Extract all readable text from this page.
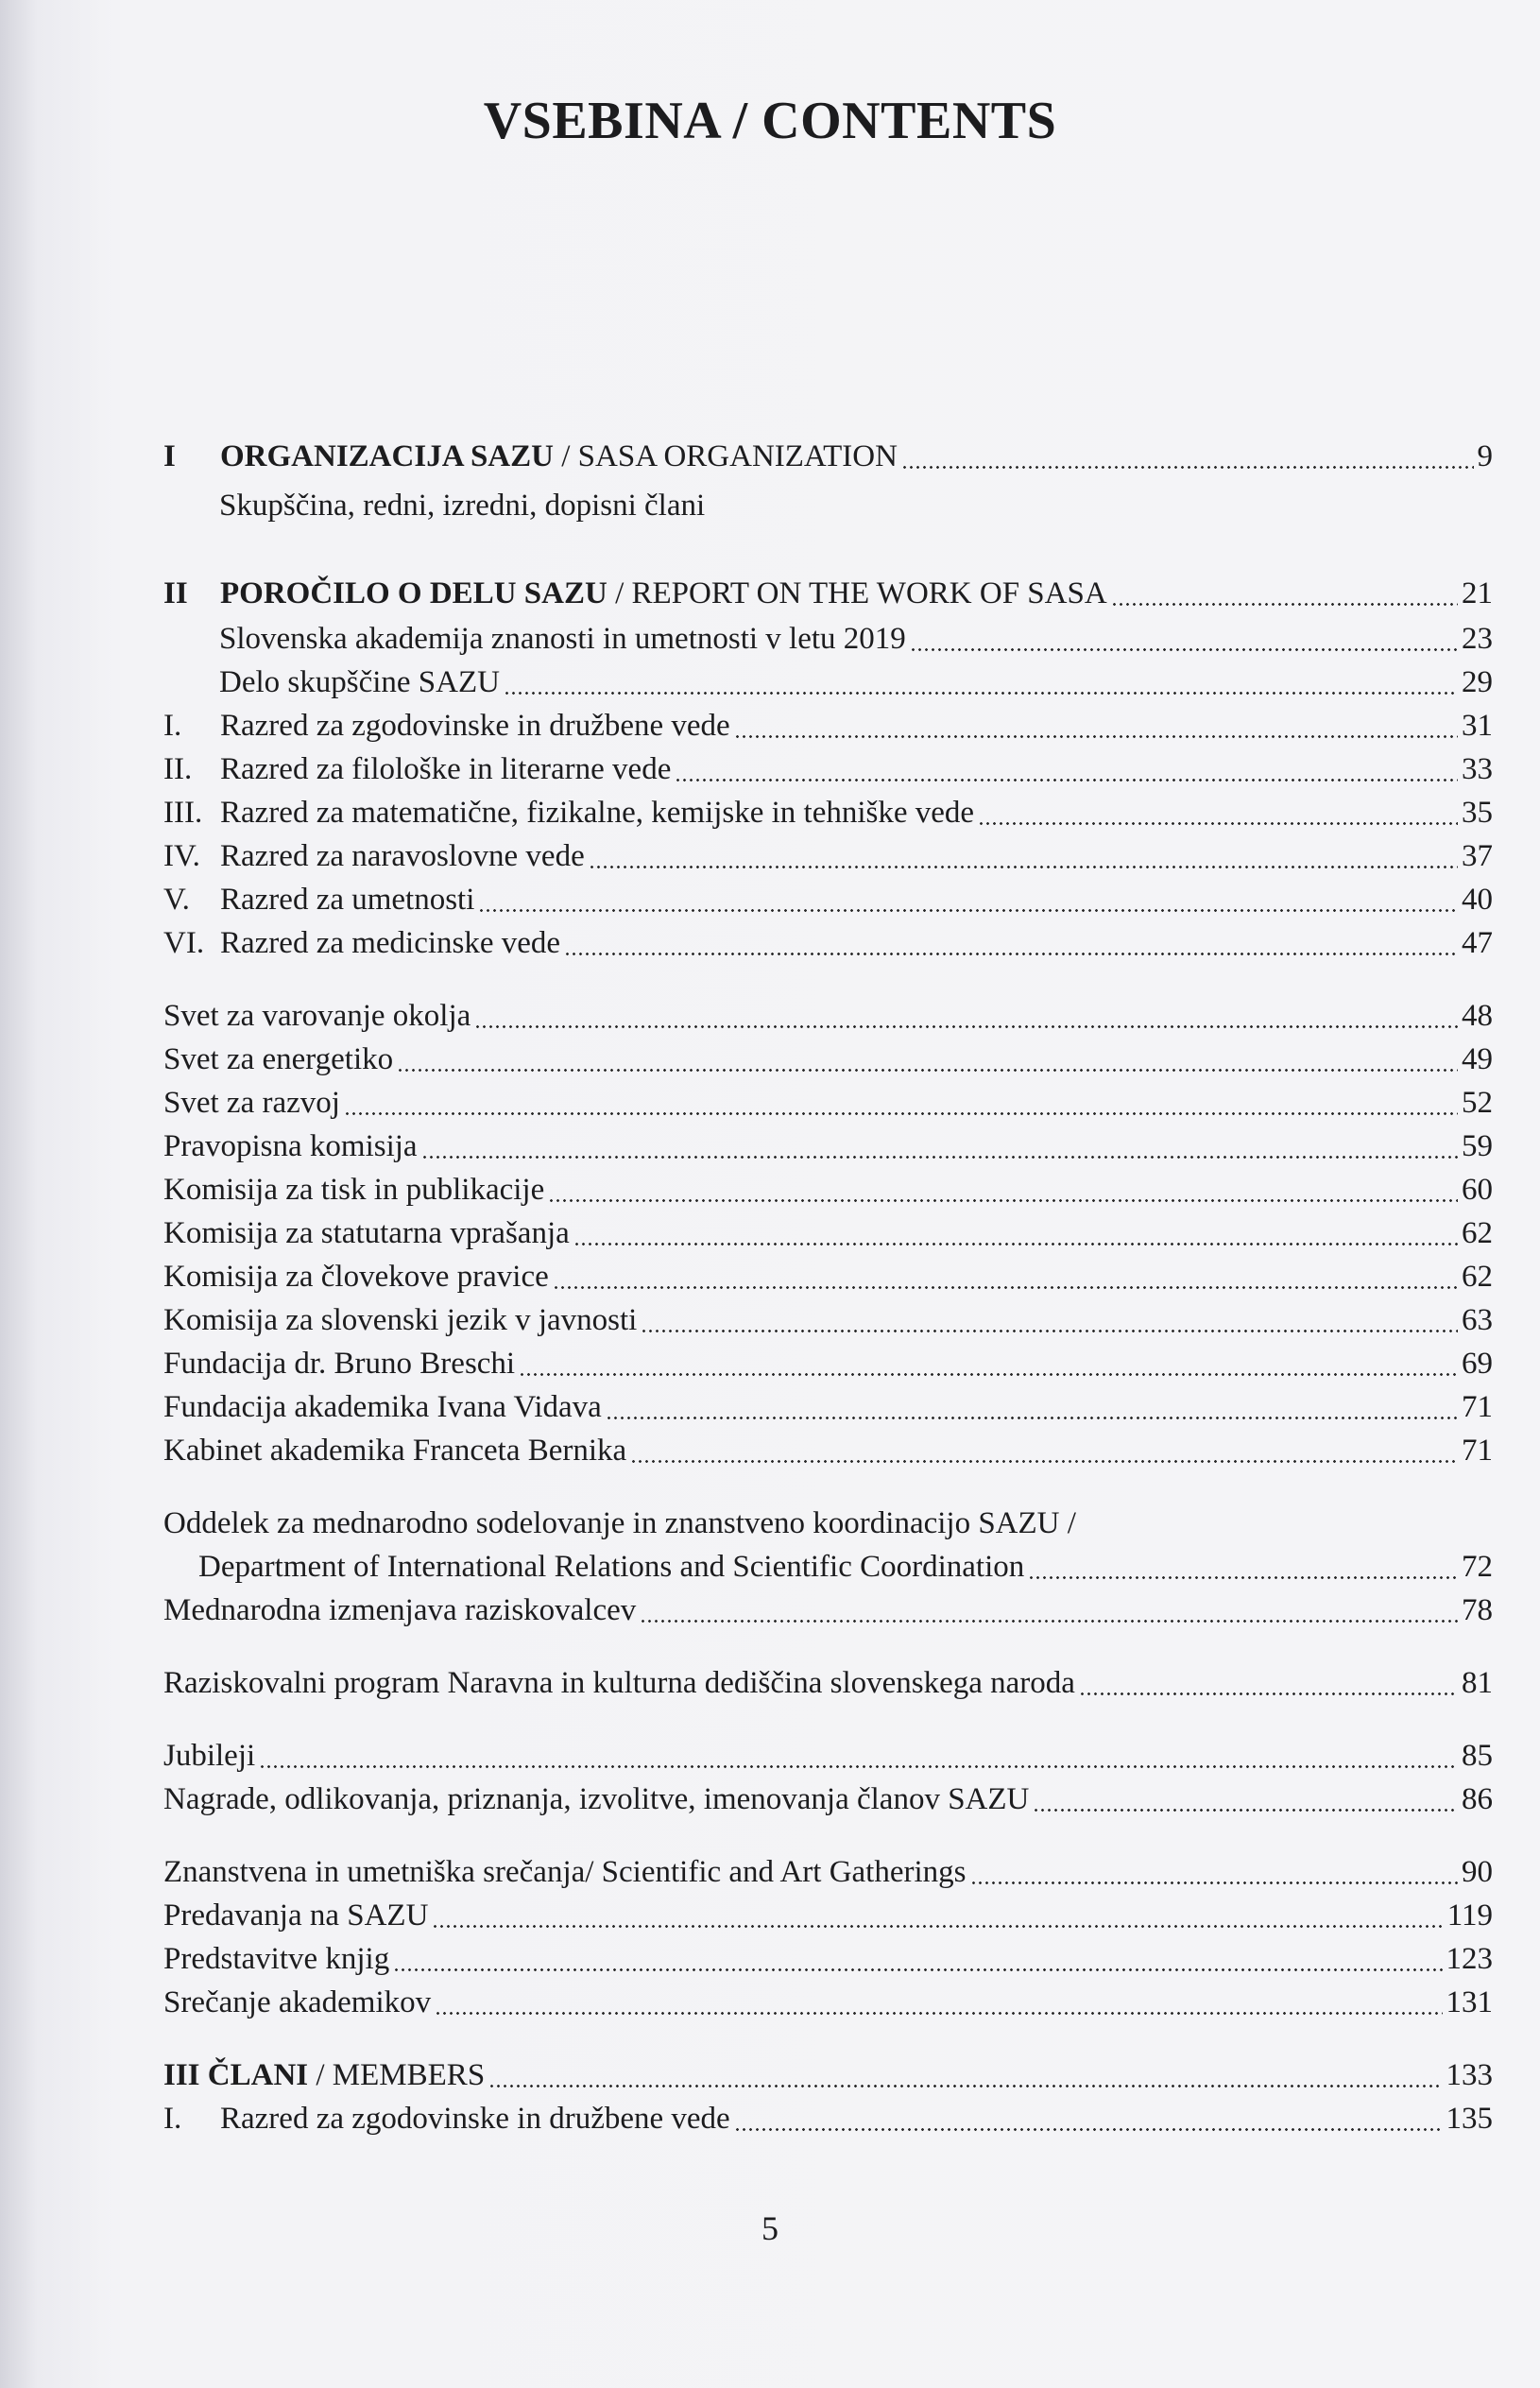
VSEBINA / CONTENTS
I	ORGANIZACIJA SAZU / SASA ORGANIZATION	9
Skupščina, redni, izredni, dopisni člani
II	POROČILO O DELU SAZU / REPORT ON THE WORK OF SASA	21
Slovenska akademija znanosti in umetnosti v letu 2019	23
Delo skupščine SAZU	29
I.	Razred za zgodovinske in družbene vede	31
II. Razred za filološke in literarne vede	33
III. Razred za matematične, fizikalne, kemijske in tehniške vede	35
IV. Razred za naravoslovne vede	37
V. Razred za umetnosti	40
VI. Razred za medicinske vede	47
Svet za varovanje okolja	48
Svet za energetiko	49
Svet za razvoj	52
Pravopisna komisija	59
Komisija za tisk in publikacije	60
Komisija za statutarna vprašanja	62
Komisija za človekove pravice	62
Komisija za slovenski jezik v javnosti	63
Fundacija dr. Bruno Breschi	69
Fundacija akademika Ivana Vidava	71
Kabinet akademika Franceta Bernika	71
Oddelek za mednarodno sodelovanje in znanstveno koordinacijo SAZU /
Department of International Relations and Scientific Coordination	72
Mednarodna izmenjava raziskovalcev	78
Raziskovalni program Naravna in kulturna dediščina slovenskega naroda	81
Jubileji	85
Nagrade, odlikovanja, priznanja, izvolitve, imenovanja članov SAZU	86
Znanstvena in umetniška srečanja/ Scientific and Art Gatherings	90
Predavanja na SAZU	119
Predstavitve knjig	123
Srečanje akademikov	131
III ČLANI / MEMBERS	133
I.	Razred za zgodovinske in družbene vede	135
5
